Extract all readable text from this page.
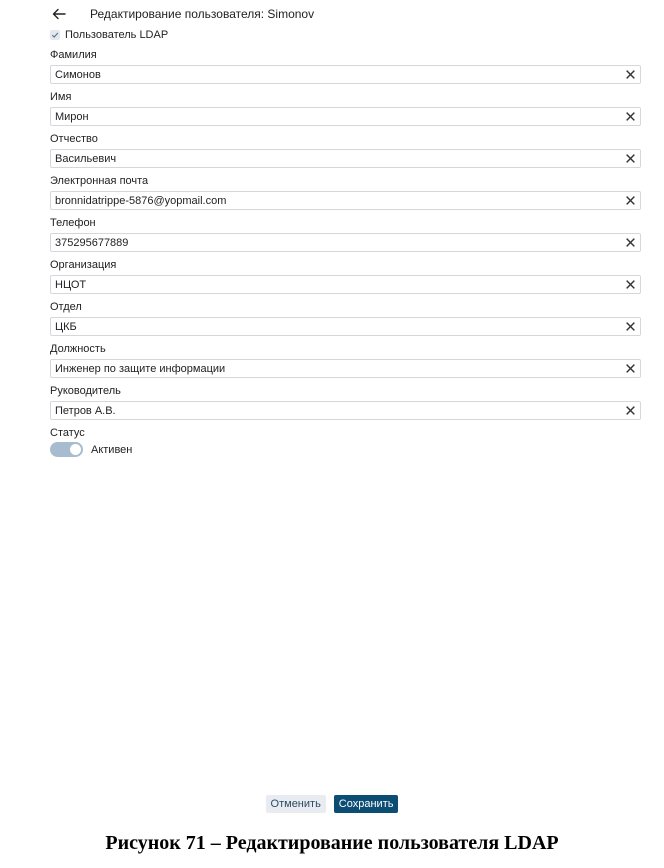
Редактирование пользователя: Simonov
Пользователь LDAP
Фамилия
Симонов
Имя
Мирон
Отчество
Васильевич
Электронная почта
bronnidatrippe-5876@yopmail.com
Телефон
375295677889
Организация
НЦОТ
Отдел
ЦКБ
Должность
Инженер по защите информации
Руководитель
Петров А.В.
Статус
Активен
Отменить	Сохранить
Рисунок 71 – Редактирование пользователя LDAP
